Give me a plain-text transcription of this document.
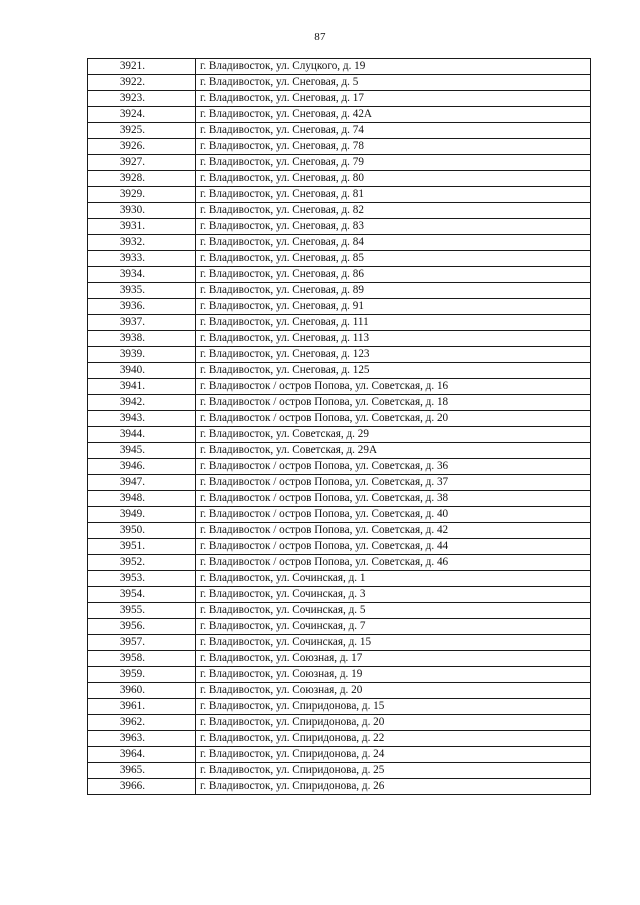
87
3921.	г. Владивосток, ул. Слуцкого, д. 19
3922.	г. Владивосток, ул. Снеговая, д. 5
3923.	г. Владивосток, ул. Снеговая, д. 17
3924.	г. Владивосток, ул. Снеговая, д. 42А
3925.	г. Владивосток, ул. Снеговая, д. 74
3926.	г. Владивосток, ул. Снеговая, д. 78
3927.	г. Владивосток, ул. Снеговая, д. 79
3928.	г. Владивосток, ул. Снеговая, д. 80
3929.	г. Владивосток, ул. Снеговая, д. 81
3930.	г. Владивосток, ул. Снеговая, д. 82
3931.	г. Владивосток, ул. Снеговая, д. 83
3932.	г. Владивосток, ул. Снеговая, д. 84
3933.	г. Владивосток, ул. Снеговая, д. 85
3934.	г. Владивосток, ул. Снеговая, д. 86
3935.	г. Владивосток, ул. Снеговая, д. 89
3936.	г. Владивосток, ул. Снеговая, д. 91
3937.	г. Владивосток, ул. Снеговая, д. 111
3938.	г. Владивосток, ул. Снеговая, д. 113
3939.	г. Владивосток, ул. Снеговая, д. 123
3940.	г. Владивосток, ул. Снеговая, д. 125
3941.	г. Владивосток / остров Попова, ул. Советская, д. 16
3942.	г. Владивосток / остров Попова, ул. Советская, д. 18
3943.	г. Владивосток / остров Попова, ул. Советская, д. 20
3944.	г. Владивосток, ул. Советская, д. 29
3945.	г. Владивосток, ул. Советская, д. 29А
3946.	г. Владивосток / остров Попова, ул. Советская, д. 36
3947.	г. Владивосток / остров Попова, ул. Советская, д. 37
3948.	г. Владивосток / остров Попова, ул. Советская, д. 38
3949.	г. Владивосток / остров Попова, ул. Советская, д. 40
3950.	г. Владивосток / остров Попова, ул. Советская, д. 42
3951.	г. Владивосток / остров Попова, ул. Советская, д. 44
3952.	г. Владивосток / остров Попова, ул. Советская, д. 46
3953.	г. Владивосток, ул. Сочинская, д. 1
3954.	г. Владивосток, ул. Сочинская, д. 3
3955.	г. Владивосток, ул. Сочинская, д. 5
3956.	г. Владивосток, ул. Сочинская, д. 7
3957.	г. Владивосток, ул. Сочинская, д. 15
3958.	г. Владивосток, ул. Союзная, д. 17
3959.	г. Владивосток, ул. Союзная, д. 19
3960.	г. Владивосток, ул. Союзная, д. 20
3961.	г. Владивосток, ул. Спиридонова, д. 15
3962.	г. Владивосток, ул. Спиридонова, д. 20
3963.	г. Владивосток, ул. Спиридонова, д. 22
3964.	г. Владивосток, ул. Спиридонова, д. 24
3965.	г. Владивосток, ул. Спиридонова, д. 25
3966.	г. Владивосток, ул. Спиридонова, д. 26
